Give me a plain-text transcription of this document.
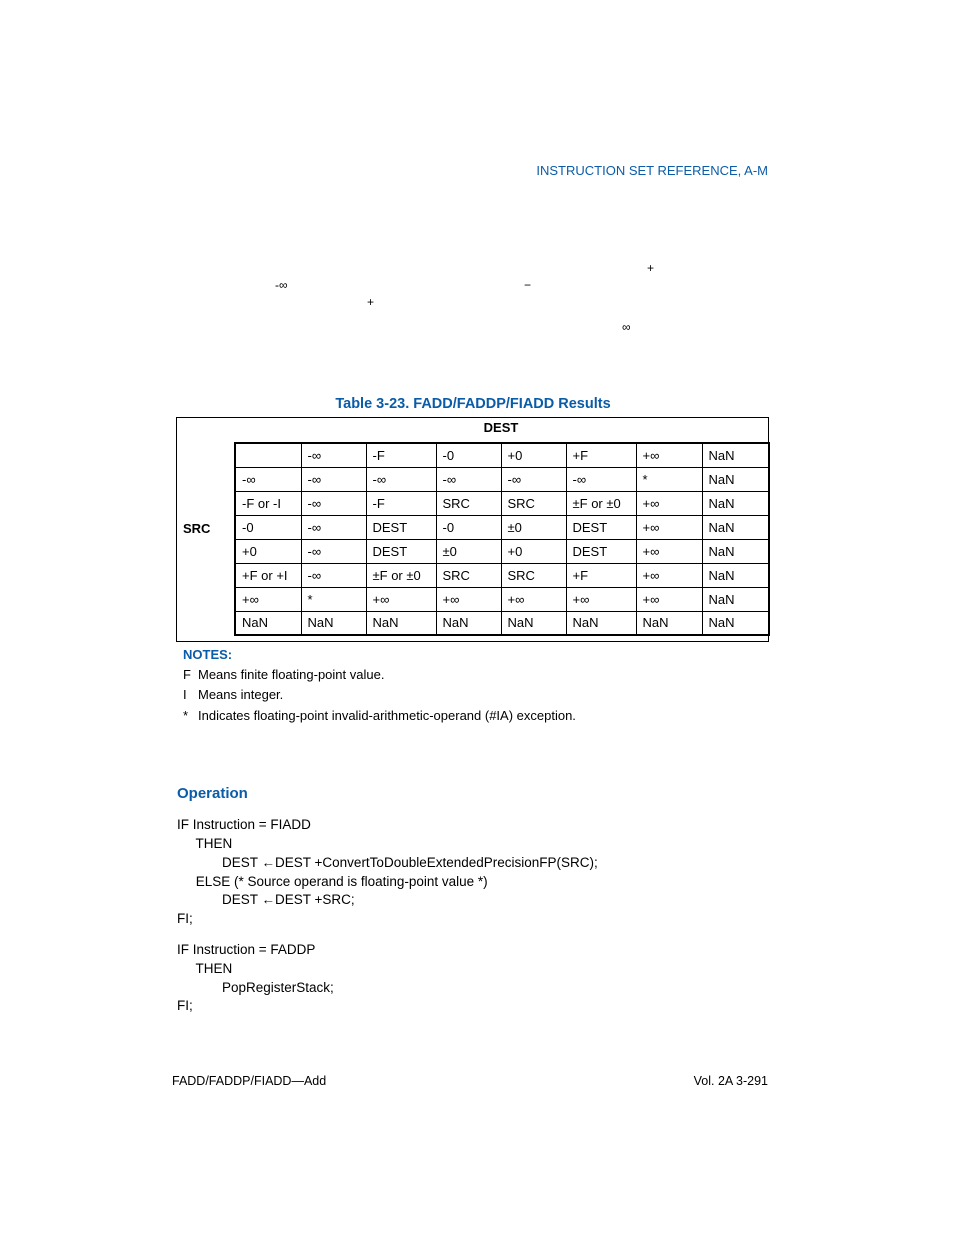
INSTRUCTION SET REFERENCE, A-M
+
-∞	−
+
∞
Table 3-23. FADD/FADDP/FIADD Results
DEST
SRC
	-∞	-F	-0	+0	+F	+∞	NaN
-∞	-∞	-∞	-∞	-∞	-∞	*	NaN
-F or -I	-∞	-F	SRC	SRC	±F or ±0	+∞	NaN
-0	-∞	DEST	-0	±0	DEST	+∞	NaN
+0	-∞	DEST	±0	+0	DEST	+∞	NaN
+F or +I	-∞	±F or ±0	SRC	SRC	+F	+∞	NaN
+∞	*	+∞	+∞	+∞	+∞	+∞	NaN
NaN	NaN	NaN	NaN	NaN	NaN	NaN	NaN
NOTES:
F Means finite floating-point value.
I Means integer.
* Indicates floating-point invalid-arithmetic-operand (#IA) exception.
Operation
IF Instruction = FIADD
THEN
DEST ←DEST +ConvertToDoubleExtendedPrecisionFP(SRC);
ELSE (* Source operand is floating-point value *)
DEST ←DEST +SRC;
FI;
IF Instruction = FADDP
THEN
PopRegisterStack;
FI;
FADD/FADDP/FIADD—Add	Vol. 2A 3-291
